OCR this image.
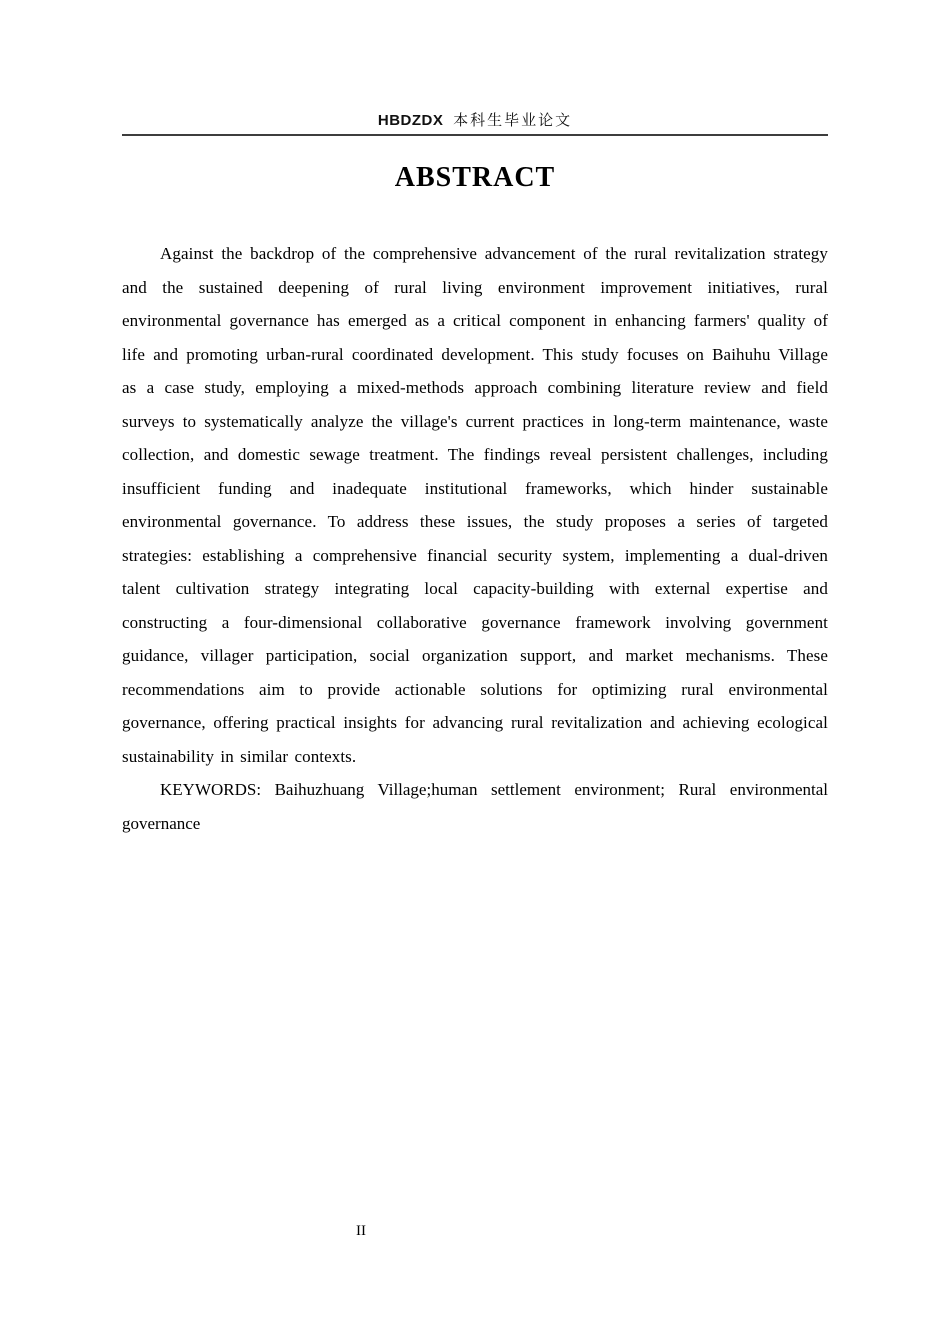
HBDZDX 本科生毕业论文
ABSTRACT

Against the backdrop of the comprehensive advancement of the rural revitalization strategy and the sustained deepening of rural living environment improvement initiatives, rural environmental governance has emerged as a critical component in enhancing farmers' quality of life and promoting urban-rural coordinated development. This study focuses on Baihuhu Village as a case study, employing a mixed-methods approach combining literature review and field surveys to systematically analyze the village's current practices in long-term maintenance, waste collection, and domestic sewage treatment. The findings reveal persistent challenges, including insufficient funding and inadequate institutional frameworks, which hinder sustainable environmental governance. To address these issues, the study proposes a series of targeted strategies: establishing a comprehensive financial security system, implementing a dual-driven talent cultivation strategy integrating local capacity-building with external expertise and constructing a four-dimensional collaborative governance framework involving government guidance, villager participation, social organization support, and market mechanisms. These recommendations aim to provide actionable solutions for optimizing rural environmental governance, offering practical insights for advancing rural revitalization and achieving ecological sustainability in similar contexts.

KEYWORDS: Baihuzhuang Village;human settlement environment; Rural environmental governance

II
